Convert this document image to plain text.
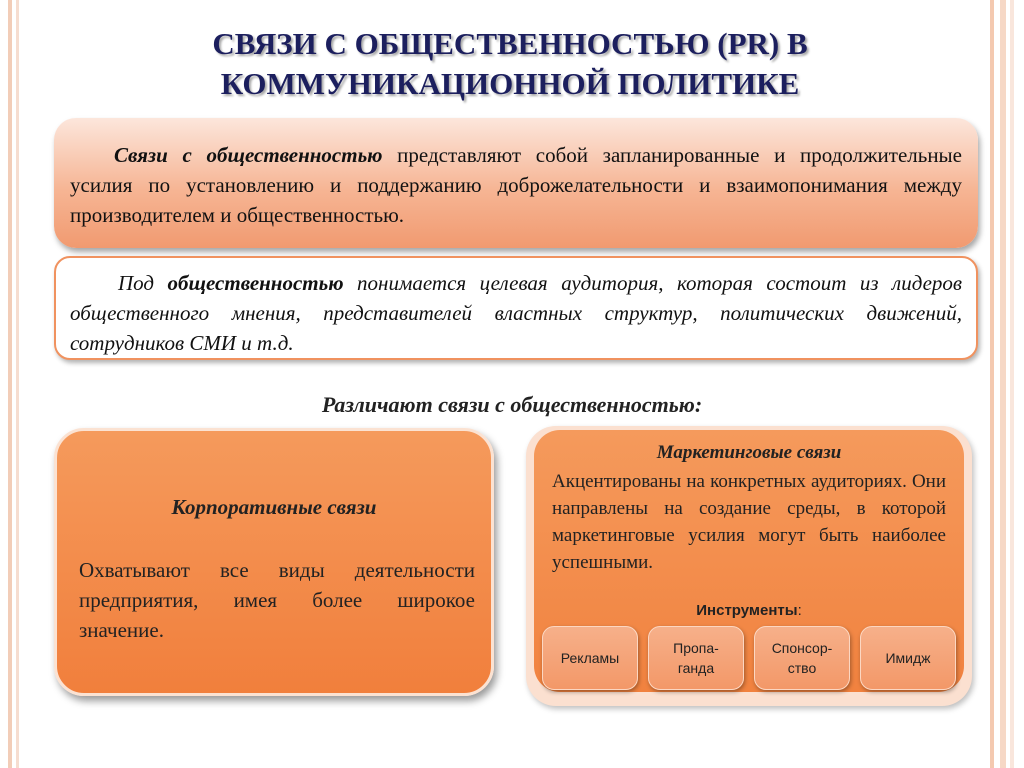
СВЯЗИ С ОБЩЕСТВЕННОСТЬЮ (PR) В
КОММУНИКАЦИОННОЙ ПОЛИТИКЕ
Связи с общественностью представляют собой запланированные и продолжительные усилия по установлению и поддержанию доброжелательности и взаимопонимания между производителем и общественностью.
Под общественностью понимается целевая аудитория, которая состоит из лидеров общественного мнения, представителей властных структур, политических движений, сотрудников СМИ и т.д.
Различают связи с общественностью:
Корпоративные связи
Охватывают все виды деятельности предприятия, имея более широкое значение.
Маркетинговые связи
Акцентированы на конкретных аудиториях. Они направлены на создание среды, в которой маркетинговые усилия могут быть наиболее успешными.
Инструменты:
Рекламы
Пропа-
ганда
Спонсор-
ство
Имидж
